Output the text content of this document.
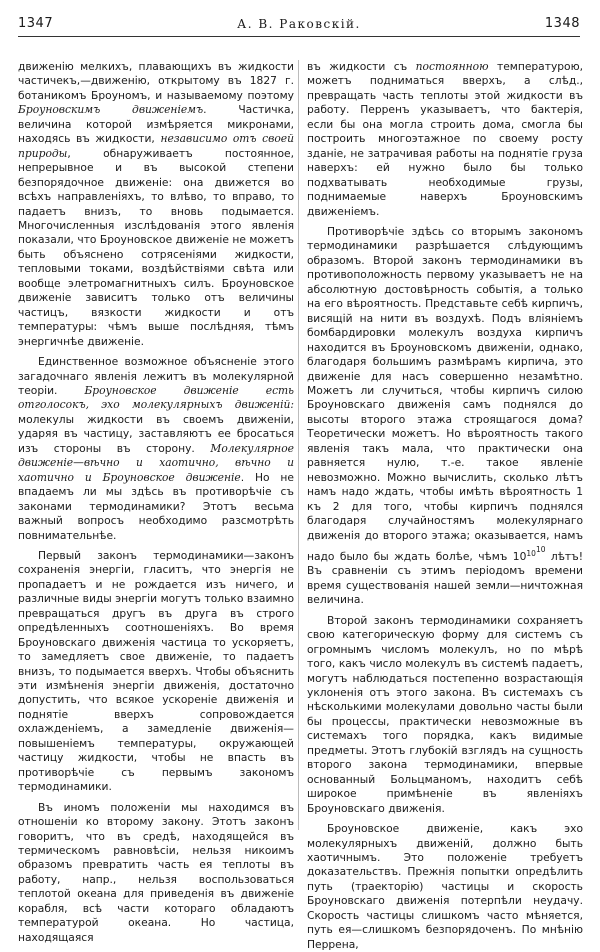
1347	А. В. Раковскій.	1348

движенію мелкихъ, плавающихъ въ жидкости частичекъ,—движенію, открытому въ 1827 г. ботаникомъ Броуномъ, и называемому поэтому Броуновскимъ движеніемъ. Частичка, величина которой измѣряется микронами, находясь въ жидкости, независимо отъ своей природы, обнаруживаетъ постоянное, непрерывное и въ высокой степени безпорядочное движеніе: она движется во всѣхъ направленіяхъ, то влѣво, то вправо, то падаетъ внизъ, то вновь подымается. Многочисленныя изслѣдованія этого явленія показали, что Броуновское движеніе не можетъ быть объяснено сотрясеніями жидкости, тепловыми токами, воздѣйствіями свѣта или вообще элетромагнитныхъ силъ. Броуновское движеніе зависитъ только отъ величины частицъ, вязкости жидкости и отъ температуры: чѣмъ выше послѣдняя, тѣмъ энергичнѣе движеніе.

Единственное возможное объясненіе этого загадочнаго явленія лежитъ въ молекулярной теоріи. Броуновское движеніе есть отголосокъ, эхо молекулярныхъ движеній: молекулы жидкости въ своемъ движеніи, ударяя въ частицу, заставляютъ ее бросаться изъ стороны въ сторону. Молекулярное движеніе—вѣчно и хаотично, вѣчно и хаотично и Броуновское движеніе. Но не впадаемъ ли мы здѣсь въ противорѣчіе съ законами термодинамики? Этотъ весьма важный вопросъ необходимо разсмотрѣть повнимательнѣе.

Первый законъ термодинамики—законъ сохраненія энергіи, гласитъ, что энергія не пропадаетъ и не рождается изъ ничего, и различные виды энергіи могутъ только взаимно превращаться другъ въ друга въ строго опредѣленныхъ соотношеніяхъ. Во время Броуновскаго движенія частица то ускоряетъ, то замедляетъ свое движеніе, то падаетъ внизъ, то подымается вверхъ. Чтобы объяснить эти измѣненія энергіи движенія, достаточно допустить, что всякое ускореніе движенія и поднятіе вверхъ сопровождается охлажденіемъ, а замедленіе движенія—повышеніемъ температуры, окружающей частицу жидкости, чтобы не впасть въ противорѣчіе съ первымъ закономъ термодинамики.

Въ иномъ положеніи мы находимся въ отношеніи ко второму закону. Этотъ законъ говоритъ, что въ средѣ, находящейся въ термическомъ равновѣсіи, нельзя никоимъ образомъ превратить часть ея теплоты въ работу, напр., нельзя воспользоваться теплотой океана для приведенія въ движеніе корабля, всѣ части котораго обладаютъ температурой океана. Но частица, находящаяся

въ жидкости съ постоянною температурою, можетъ подниматься вверхъ, а слѣд., превращать часть теплоты этой жидкости въ работу. Перренъ указываетъ, что бактерія, если бы она могла строить дома, смогла бы построить многоэтажное по своему росту зданіе, не затрачивая работы на поднятіе груза наверхъ: ей нужно было бы только подхватывать необходимые грузы, поднимаемые наверхъ Броуновскимъ движеніемъ.

Противорѣчіе здѣсь со вторымъ закономъ термодинамики разрѣшается слѣдующимъ образомъ. Второй законъ термодинамики въ противоположность первому указываетъ не на абсолютную достовѣрность событія, а только на его вѣроятность. Представьте себѣ кирпичъ, висящій на нити въ воздухѣ. Подъ вліяніемъ бомбардировки молекулъ воздуха кирпичъ находится въ Броуновскомъ движеніи, однако, благодаря большимъ размѣрамъ кирпича, это движеніе для насъ совершенно незамѣтно. Можетъ ли случиться, чтобы кирпичъ силою Броуновскаго движенія самъ поднялся до высоты второго этажа строящагося дома? Теоретически можетъ. Но вѣроятность такого явленія такъ мала, что практически она равняется нулю, т.-е. такое явленіе невозможно. Можно вычислить, сколько лѣтъ намъ надо ждать, чтобы имѣть вѣроятность 1 къ 2 для того, чтобы кирпичъ поднялся благодаря случайностямъ молекулярнаго движенія до второго этажа; оказывается, намъ надо было бы ждать болѣе, чѣмъ $10^{10^{10}}$ лѣтъ! Въ сравненіи съ этимъ періодомъ времени время существованія нашей земли—ничтожная величина.

Второй законъ термодинамики сохраняетъ свою категорическую форму для системъ съ огромнымъ числомъ молекулъ, но по мѣрѣ того, какъ число молекулъ въ системѣ падаетъ, могутъ наблюдаться постепенно возрастающія уклоненія отъ этого закона. Въ системахъ съ нѣсколькими молекулами довольно часты были бы процессы, практически невозможные въ системахъ того порядка, какъ видимые предметы. Этотъ глубокій взглядъ на сущность второго закона термодинамики, впервые основанный Больцманомъ, находитъ себѣ широкое примѣненіе въ явленіяхъ Броуновскаго движенія.

Броуновское движеніе, какъ эхо молекулярныхъ движеній, должно быть хаотичнымъ. Это положеніе требуетъ доказательствъ. Прежнія попытки опредѣлить путь (траекторію) частицы и скорость Броуновскаго движенія потерпѣли неудачу. Скорость частицы слишкомъ часто мѣняется, путь ея—слишкомъ безпорядоченъ. По мнѣнію Перрена,
